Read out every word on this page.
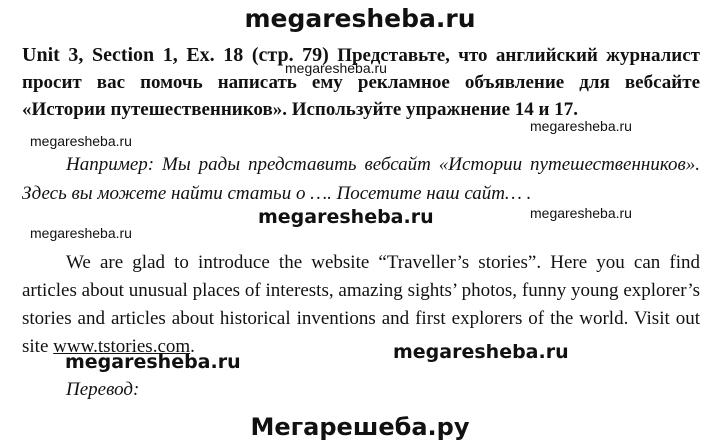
megaresheba.ru

Unit 3, Section 1, Ex. 18 (стр. 79) Представьте, что английский журналист просит вас помочь написать ему рекламное объявление для вебсайте «Истории путешественников». Используйте упражнение 14 и 17.

Например: Мы рады представить вебсайт «Истории путешественников». Здесь вы можете найти статьи о …. Посетите наш сайт… .

We are glad to introduce the website “Traveller’s stories”. Here you can find articles about unusual places of interests, amazing sights’ photos, funny young explorer’s stories and articles about historical inventions and first explorers of the world. Visit out site www.tstories.com.

Перевод:

megaresheba.ru
megaresheba.ru
megaresheba.ru
megaresheba.ru
megaresheba.ru
megaresheba.ru
megaresheba.ru	megaresheba.ru
Мегарешеба.ру
